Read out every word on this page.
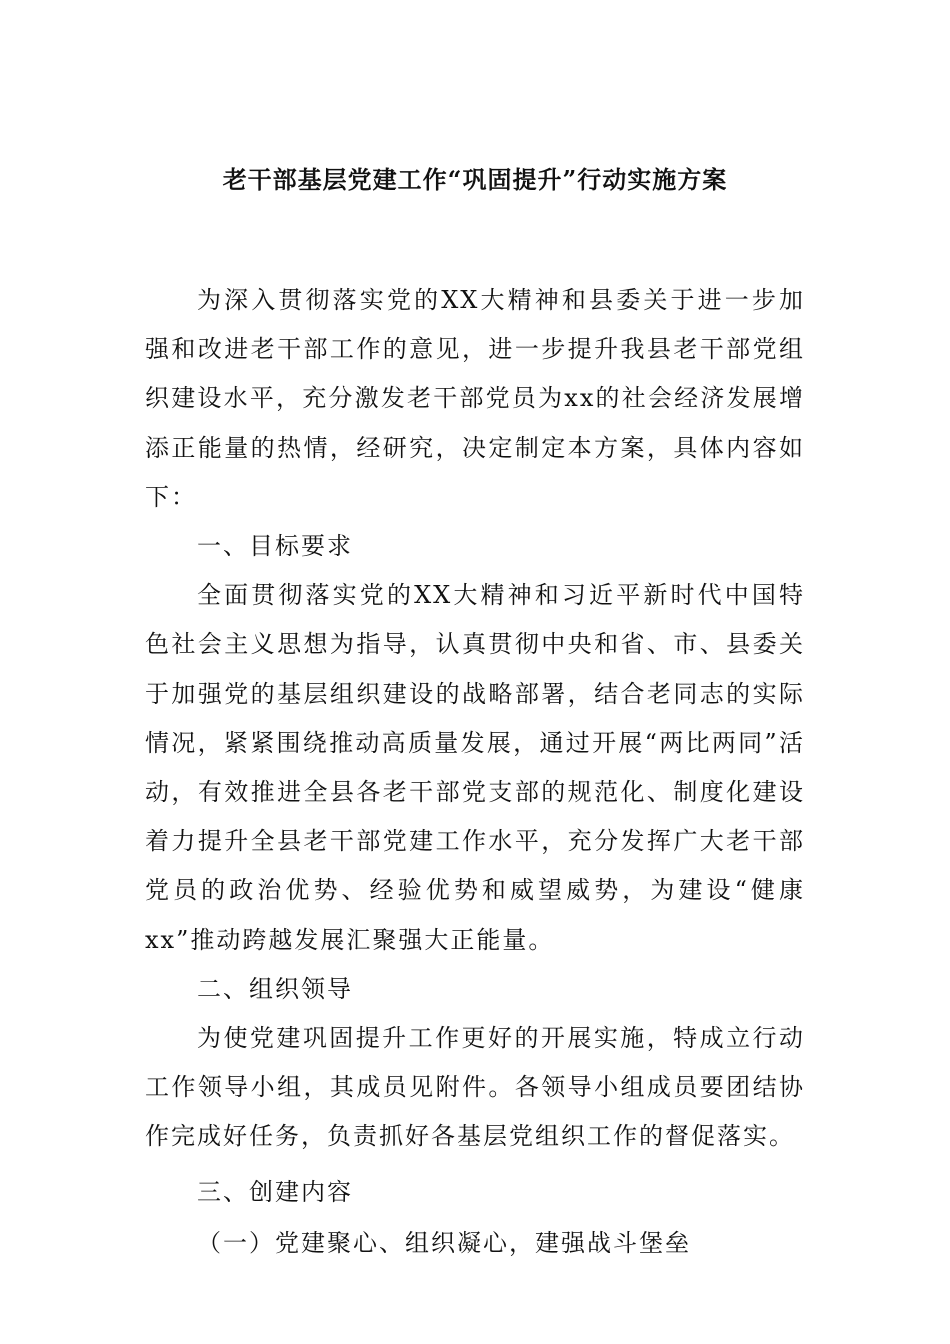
老干部基层党建工作“巩固提升”行动实施方案

为深入贯彻落实党的XX大精神和县委关于进一步加强和改进老干部工作的意见，进一步提升我县老干部党组织建设水平，充分激发老干部党员为xx的社会经济发展增添正能量的热情，经研究，决定制定本方案，具体内容如下：

一、目标要求

全面贯彻落实党的XX大精神和习近平新时代中国特色社会主义思想为指导，认真贯彻中央和省、市、县委关于加强党的基层组织建设的战略部署，结合老同志的实际情况，紧紧围绕推动高质量发展，通过开展“两比两同”活动，有效推进全县各老干部党支部的规范化、制度化建设着力提升全县老干部党建工作水平，充分发挥广大老干部党员的政治优势、经验优势和威望威势，为建设“健康xx”推动跨越发展汇聚强大正能量。

二、组织领导

为使党建巩固提升工作更好的开展实施，特成立行动工作领导小组，其成员见附件。各领导小组成员要团结协作完成好任务，负责抓好各基层党组织工作的督促落实。

三、创建内容

（一）党建聚心、组织凝心，建强战斗堡垒
